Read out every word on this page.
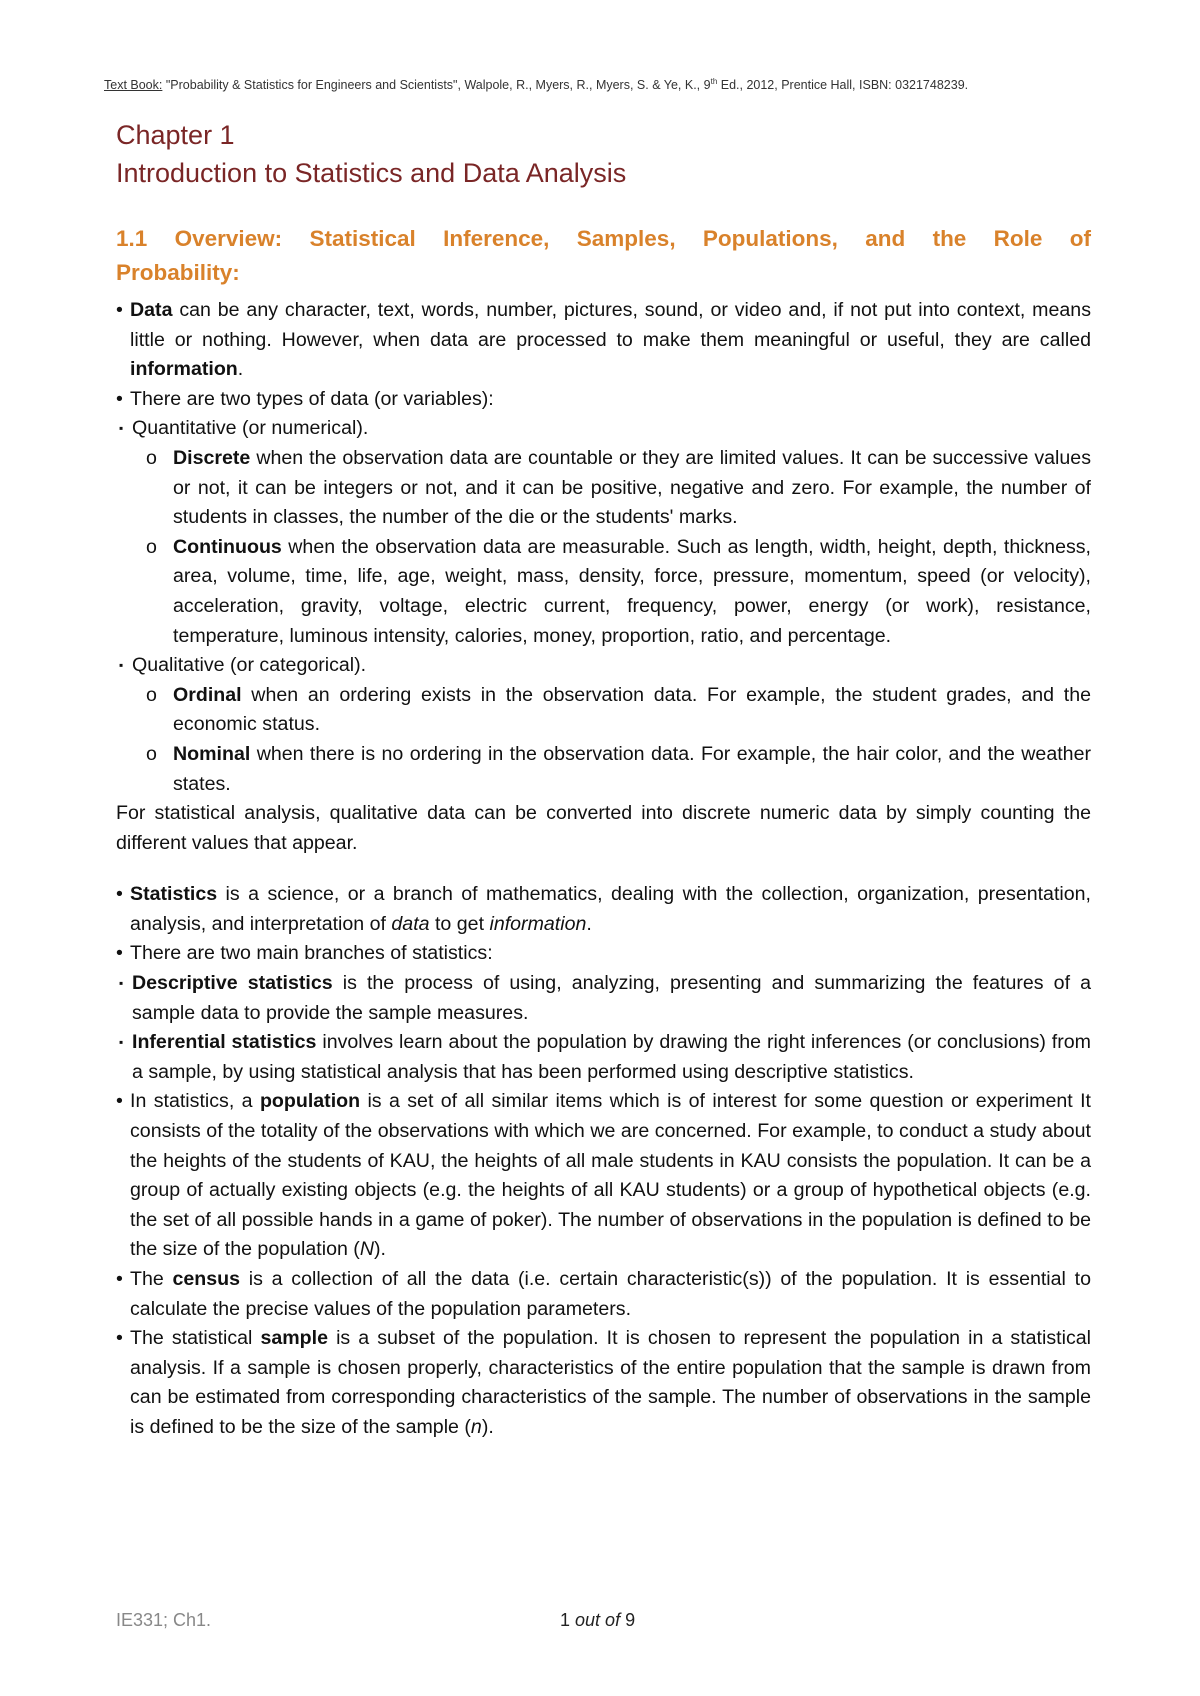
Text Book: "Probability & Statistics for Engineers and Scientists", Walpole, R., Myers, R., Myers, S. & Ye, K., 9th Ed., 2012, Prentice Hall, ISBN: 0321748239.
Chapter 1
Introduction to Statistics and Data Analysis
1.1 Overview: Statistical Inference, Samples, Populations, and the Role of
Probability:
• Data can be any character, text, words, number, pictures, sound, or video and, if not put into context, means little or nothing. However, when data are processed to make them meaningful or useful, they are called information.
• There are two types of data (or variables):
▪ Quantitative (or numerical).
o Discrete when the observation data are countable or they are limited values. It can be successive values or not, it can be integers or not, and it can be positive, negative and zero. For example, the number of students in classes, the number of the die or the students' marks.
o Continuous when the observation data are measurable. Such as length, width, height, depth, thickness, area, volume, time, life, age, weight, mass, density, force, pressure, momentum, speed (or velocity), acceleration, gravity, voltage, electric current, frequency, power, energy (or work), resistance, temperature, luminous intensity, calories, money, proportion, ratio, and percentage.
▪ Qualitative (or categorical).
o Ordinal when an ordering exists in the observation data. For example, the student grades, and the economic status.
o Nominal when there is no ordering in the observation data. For example, the hair color, and the weather states.
For statistical analysis, qualitative data can be converted into discrete numeric data by simply counting the different values that appear.
• Statistics is a science, or a branch of mathematics, dealing with the collection, organization, presentation, analysis, and interpretation of data to get information.
• There are two main branches of statistics:
▪ Descriptive statistics is the process of using, analyzing, presenting and summarizing the features of a sample data to provide the sample measures.
▪ Inferential statistics involves learn about the population by drawing the right inferences (or conclusions) from a sample, by using statistical analysis that has been performed using descriptive statistics.
• In statistics, a population is a set of all similar items which is of interest for some question or experiment It consists of the totality of the observations with which we are concerned. For example, to conduct a study about the heights of the students of KAU, the heights of all male students in KAU consists the population. It can be a group of actually existing objects (e.g. the heights of all KAU students) or a group of hypothetical objects (e.g. the set of all possible hands in a game of poker). The number of observations in the population is defined to be the size of the population (N).
• The census is a collection of all the data (i.e. certain characteristic(s)) of the population. It is essential to calculate the precise values of the population parameters.
• The statistical sample is a subset of the population. It is chosen to represent the population in a statistical analysis. If a sample is chosen properly, characteristics of the entire population that the sample is drawn from can be estimated from corresponding characteristics of the sample. The number of observations in the sample is defined to be the size of the sample (n).
IE331; Ch1.	1 out of 9
